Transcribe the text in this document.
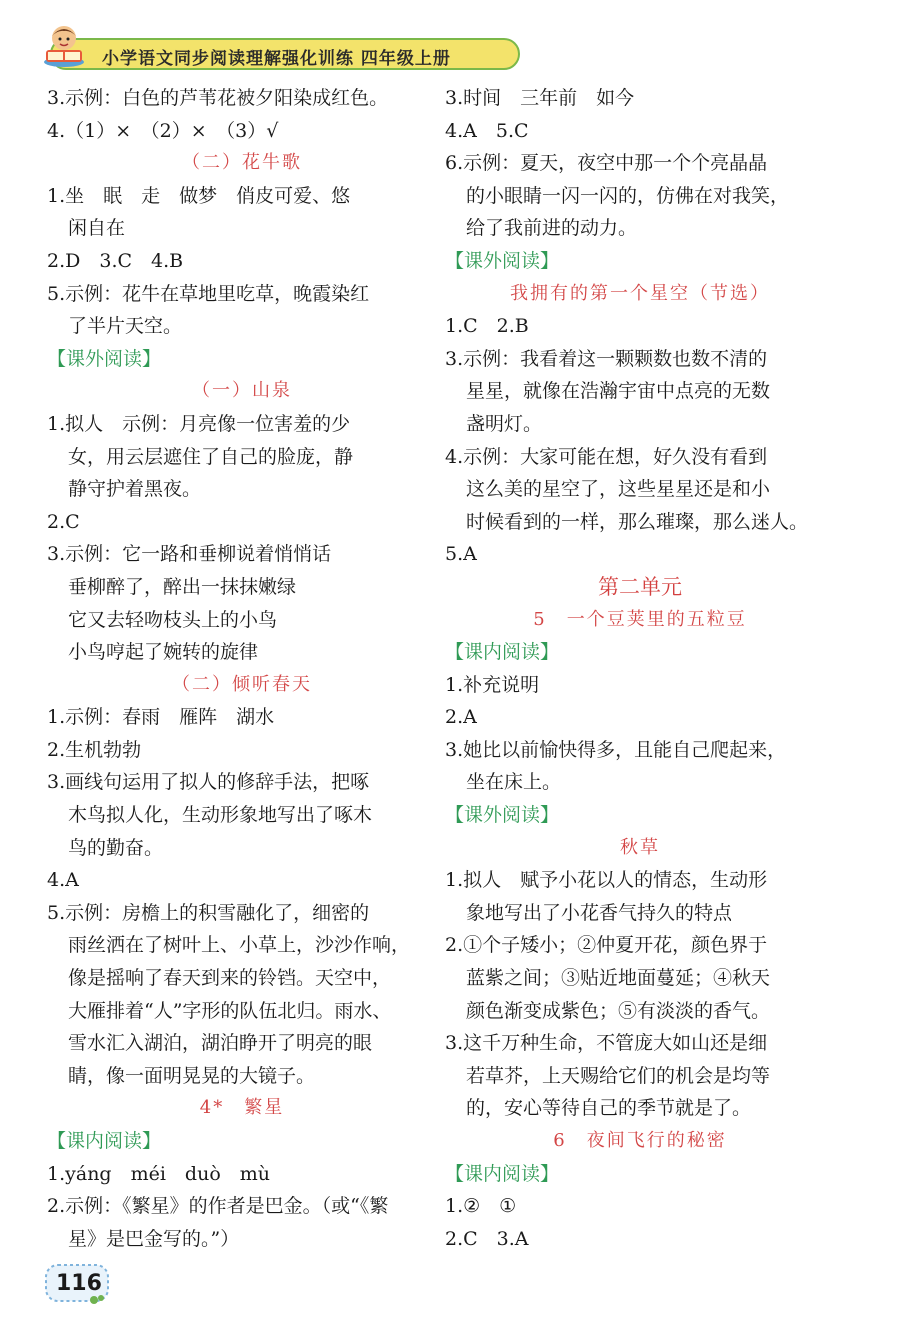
小学语文同步阅读理解强化训练 四年级上册
3.示例：白色的芦苇花被夕阳染成红色。
4.（1）×　（2）×　（3）√
（二）花牛歌
1.坐　眠　走　做梦　俏皮可爱、悠
闲自在
2.D　3.C　4.B
5.示例：花牛在草地里吃草，晚霞染红
了半片天空。
【课外阅读】
（一）山泉
1.拟人　示例：月亮像一位害羞的少
女，用云层遮住了自己的脸庞，静
静守护着黑夜。
2.C
3.示例：它一路和垂柳说着悄悄话
垂柳醉了，醉出一抹抹嫩绿
它又去轻吻枝头上的小鸟
小鸟哼起了婉转的旋律
（二）倾听春天
1.示例：春雨　雁阵　湖水
2.生机勃勃
3.画线句运用了拟人的修辞手法，把啄
木鸟拟人化，生动形象地写出了啄木
鸟的勤奋。
4.A
5.示例：房檐上的积雪融化了，细密的
雨丝洒在了树叶上、小草上，沙沙作响，
像是摇响了春天到来的铃铛。天空中，
大雁排着“人”字形的队伍北归。雨水、
雪水汇入湖泊，湖泊睁开了明亮的眼
睛，像一面明晃晃的大镜子。
4*　繁星
【课内阅读】
1.yáng　méi　duò　mù
2.示例：《繁星》的作者是巴金。（或“《繁
星》是巴金写的。”）
3.时间　三年前　如今
4.A　5.C
6.示例：夏天，夜空中那一个个亮晶晶
的小眼睛一闪一闪的，仿佛在对我笑，
给了我前进的动力。
【课外阅读】
我拥有的第一个星空（节选）
1.C　2.B
3.示例：我看着这一颗颗数也数不清的
星星，就像在浩瀚宇宙中点亮的无数
盏明灯。
4.示例：大家可能在想，好久没有看到
这么美的星空了，这些星星还是和小
时候看到的一样，那么璀璨，那么迷人。
5.A
第二单元
5　一个豆荚里的五粒豆
【课内阅读】
1.补充说明
2.A
3.她比以前愉快得多，且能自己爬起来，
坐在床上。
【课外阅读】
秋草
1.拟人　赋予小花以人的情态，生动形
象地写出了小花香气持久的特点
2.①个子矮小；②仲夏开花，颜色界于
蓝紫之间；③贴近地面蔓延；④秋天
颜色渐变成紫色；⑤有淡淡的香气。
3.这千万种生命，不管庞大如山还是细
若草芥，上天赐给它们的机会是均等
的，安心等待自己的季节就是了。
6　夜间飞行的秘密
【课内阅读】
1.②　①
2.C　3.A
116
